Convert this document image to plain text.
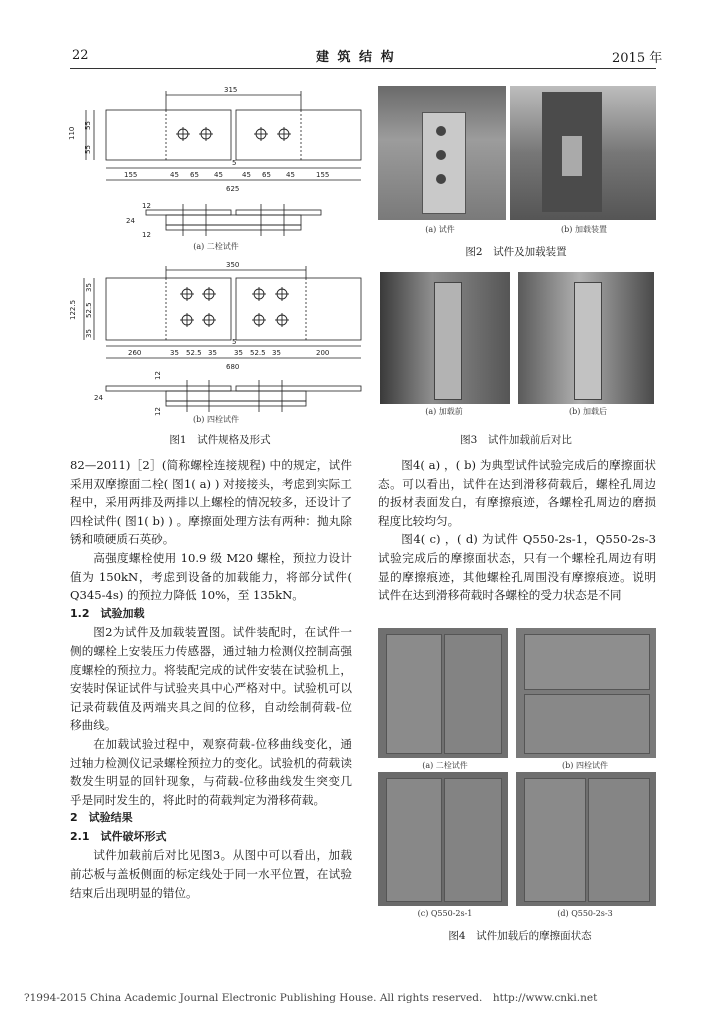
22	建 筑 结 构	2015 年
315
110
55
55
155	45 65 45	45 65 45	155
5
625
12
24
12
350
122.5
35
52.5
35
260	35 52.5 35 35 52.5 35	200
5
680
12
24
12
(a) 二栓试件
(b) 四栓试件
图1　试件规格及形式
(a) 试件	(b) 加载装置
图2　试件及加载装置
(a) 加载前	(b) 加载后
图3　试件加载前后对比

图4( a) ，( b) 为典型试件试验完成后的摩擦面状态。可以看出，试件在达到滑移荷载后，螺栓孔周边的扳材表面发白，有摩擦痕迹，各螺栓孔周边的磨损程度比较均匀。

图4( c) ，( d) 为试件 Q550-2s-1，Q550-2s-3 试验完成后的摩擦面状态，只有一个螺栓孔周边有明显的摩擦痕迹，其他螺栓孔周围没有摩擦痕迹。说明试件在达到滑移荷载时各螺栓的受力状态是不同

(a) 二栓试件	(b) 四栓试件
(c) Q550-2s-1	(d) Q550-2s-3
图4　试件加载后的摩擦面状态

82—2011)［2］(简称螺栓连接规程) 中的规定，试件采用双摩擦面二栓( 图1( a) ) 对接接头，考虑到实际工程中，采用两排及两排以上螺栓的情况较多，还设计了四栓试件( 图1( b) ) 。摩擦面处理方法有两种：抛丸除锈和喷硬质石英砂。

高强度螺栓使用 10.9 级 M20 螺栓，预拉力设计值为 150kN，考虑到设备的加载能力，将部分试件( Q345-4s) 的预拉力降低 10%，至 135kN。

1.2　试验加载

图2为试件及加载装置图。试件装配时，在试件一侧的螺栓上安装压力传感器，通过轴力检测仪控制高强度螺栓的预拉力。将装配完成的试件安装在试验机上，安装时保证试件与试验夹具中心严格对中。试验机可以记录荷载值及两端夹具之间的位移，自动绘制荷载-位移曲线。

在加载试验过程中，观察荷载-位移曲线变化，通过轴力检测仪记录螺栓预拉力的变化。试验机的荷载读数发生明显的回针现象，与荷载-位移曲线发生突变几乎是同时发生的，将此时的荷载判定为滑移荷载。

2　试验结果
2.1　试件破坏形式

试件加载前后对比见图3。从图中可以看出，加载前芯板与盖板侧面的标定线处于同一水平位置，在试验结束后出现明显的错位。

?1994-2015 China Academic Journal Electronic Publishing House. All rights reserved.　http://www.cnki.net
